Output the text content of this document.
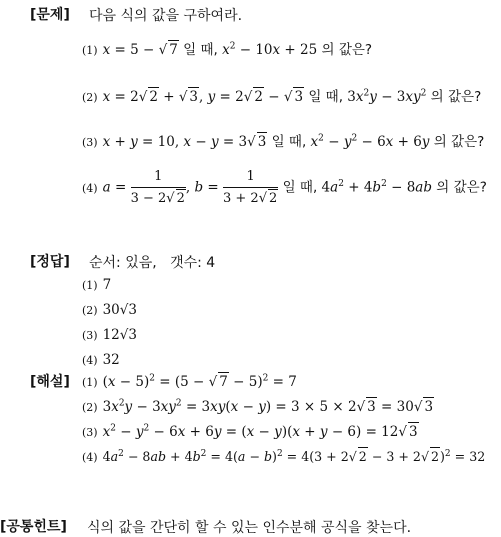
[문제] 다음 식의 값을 구하여라.
(1) x = 5 − √ 7 일 때, $x^2 - 10x + 25$ 의 값은?
(2) x = 2√ 2 + √ 3, y = 2√ 2 − √ 3 일 때, $3x^2y - 3xy^2$ 의 값은?
(3) x + y = 10, x − y = 3√ 3 일 때, $x^2 - y^2 - 6x + 6y$ 의 값은?
(4) $a = \frac{1}{3 - 2√ 2}$ , $b = \frac{1}{3 + 2√ 2}$ 일 때, $4a^2 + 4b^2 - 8ab$ 의 값은?
[정답] 순서: 있음,   갯수: 4
(1) 7
(2) 30√3
(3) 12√3
(4) 32
[해설] (1) $(x - 5)^2 = (5$ − √ 7 − 5)$^2$ = 7
(2) $3x^2y - 3xy^2 = 3xy(x - y) = 3 \times 5 \times 2√$ 3 = 30√ 3
(3) $x^2 - y^2 - 6x + 6y = (x - y)(x + y - 6) = 12√$ 3
(4) $4a^2 - 8ab + 4b^2 = 4(a - b)^2 = 4(3 + 2√$ 2 − 3 + 2√ 2)$^2$ = 32
[공통힌트] 식의 값을 간단히 할 수 있는 인수분해 공식을 찾는다.
